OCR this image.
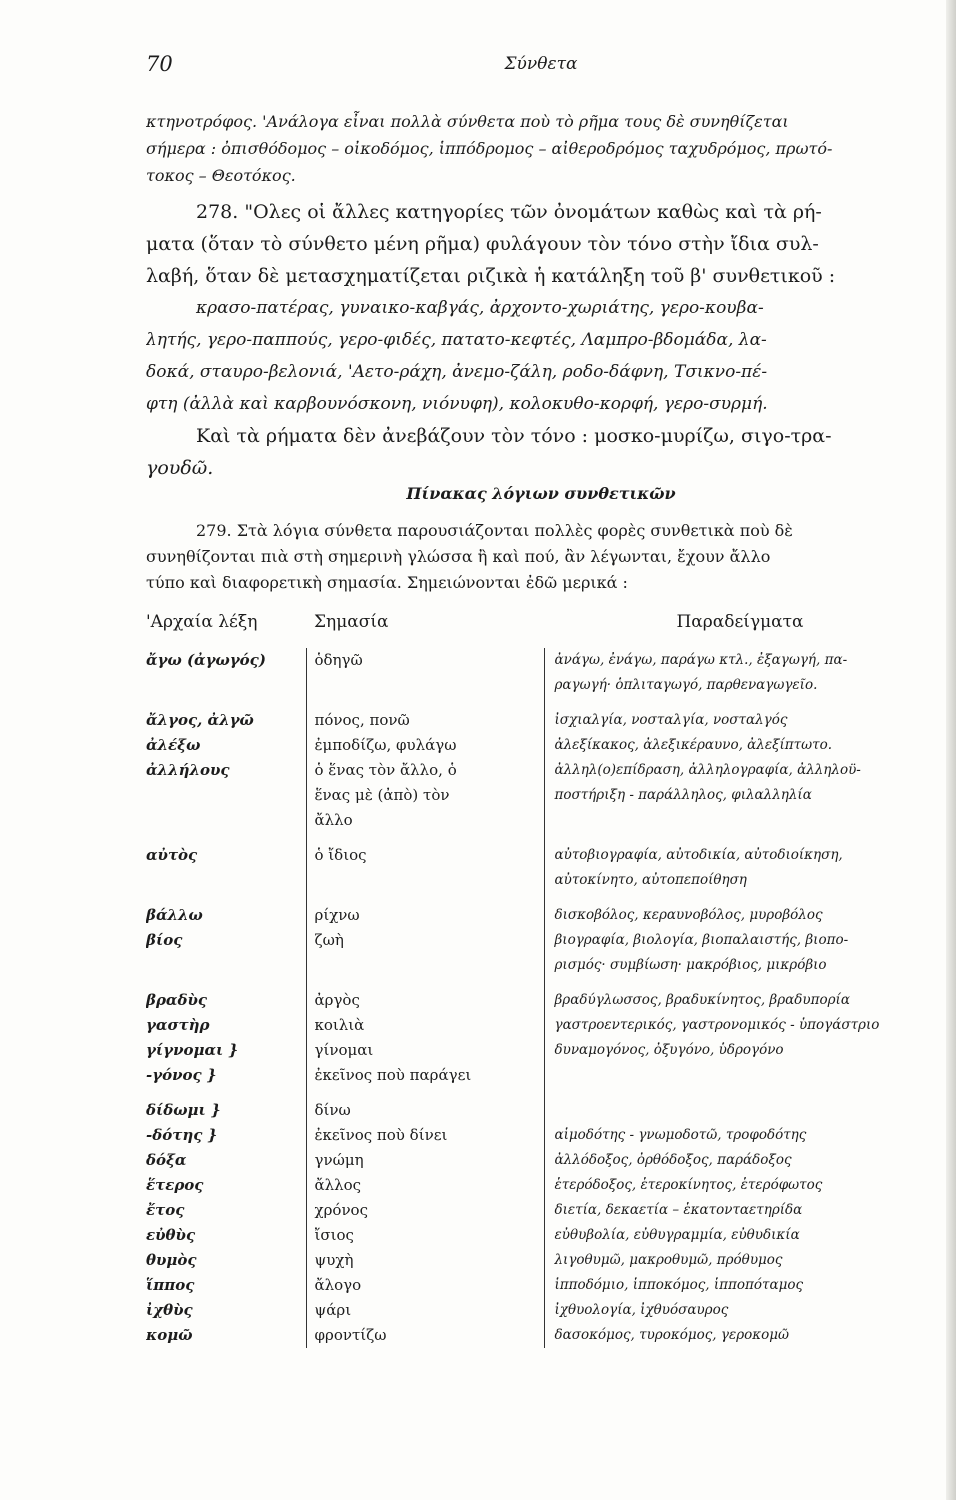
70	Σύνθετα
κτηνοτρόφος. 'Ανάλογα εἶναι πολλὰ σύνθετα ποὺ τὸ ρῆμα τους δὲ συνηθίζεται
σήμερα : ὀπισθόδομος – οἰκοδόμος, ἱππόδρομος – αἰθεροδρόμος ταχυδρόμος, πρωτό-
τοκος – Θεοτόκος.
278. "Ολες οἱ ἄλλες κατηγορίες τῶν ὀνομάτων καθὼς καὶ τὰ ρή-
ματα (ὅταν τὸ σύνθετο μένη ρῆμα) φυλάγουν τὸν τόνο στὴν ἴδια συλ-
λαβή, ὅταν δὲ μετασχηματίζεται ριζικὰ ἡ κατάληξη τοῦ β' συνθετικοῦ :
κρασο-πατέρας, γυναικο-καβγάς, ἀρχοντο-χωριάτης, γερο-κουβα-
λητής, γερο-παππούς, γερο-φιδές, πατατο-κεφτές, Λαμπρο-βδομάδα, λα-
δοκά, σταυρο-βελονιά, 'Αετο-ράχη, ἀνεμο-ζάλη, ροδο-δάφνη, Τσικνο-πέ-
φτη (ἀλλὰ καὶ καρβουνόσκονη, νιόνυφη), κολοκυθο-κορφή, γερο-συρμή.
Καὶ τὰ ρήματα δὲν ἀνεβάζουν τὸν τόνο : μοσκο-μυρίζω, σιγο-τρα-
γουδῶ.
Πίνακας λόγιων συνθετικῶν
279. Στὰ λόγια σύνθετα παρουσιάζονται πολλὲς φορὲς συνθετικὰ ποὺ δὲ
συνηθίζονται πιὰ στὴ σημερινὴ γλώσσα ἢ καὶ πού, ἂν λέγωνται, ἔχουν ἄλλο
τύπο καὶ διαφορετικὴ σημασία. Σημειώνονται ἐδῶ μερικά :
'Αρχαία λέξη	Σημασία	Παραδείγματα
ἄγω (ἀγωγός)	ὁδηγῶ	ἀνάγω, ἐνάγω, παράγω κτλ., ἐξαγωγή, πα-
		ραγωγή· ὁπλιταγωγό, παρθεναγωγεῖο.

ἄλγος, ἀλγῶ	πόνος, πονῶ	ἰσχιαλγία, νοσταλγία, νοσταλγός
ἀλέξω	ἐμποδίζω, φυλάγω	ἀλεξίκακος, ἀλεξικέραυνο, ἀλεξίπτωτο.
ἀλλήλους	ὁ ἕνας τὸν ἄλλο, ὁ	ἀλληλ(ο)επίδραση, ἀλληλογραφία, ἀλληλοϋ-
	ἕνας μὲ (ἀπὸ) τὸν	ποστήριξη - παράλληλος, φιλαλληλία
	ἄλλο	

αὐτὸς	ὁ ἴδιος	αὐτοβιογραφία, αὐτοδικία, αὐτοδιοίκηση,
		αὐτοκίνητο, αὐτοπεποίθηση

βάλλω	ρίχνω	δισκοβόλος, κεραυνοβόλος, μυροβόλος
βίος	ζωὴ	βιογραφία, βιολογία, βιοπαλαιστής, βιοπο-
		ρισμός· συμβίωση· μακρόβιος, μικρόβιο

βραδὺς	ἀργὸς	βραδύγλωσσος, βραδυκίνητος, βραδυπορία
γαστὴρ	κοιλιὰ	γαστροεντερικός, γαστρονομικός - ὑπογάστριο
γίγνομαι }	γίνομαι	δυναμογόνος, ὀξυγόνο, ὑδρογόνο
-γόνος }	ἐκεῖνος ποὺ παράγει	

δίδωμι }	δίνω	
-δότης }	ἐκεῖνος ποὺ δίνει	αἱμοδότης - γνωμοδοτῶ, τροφοδότης
δόξα	γνώμη	ἀλλόδοξος, ὀρθόδοξος, παράδοξος
ἕτερος	ἄλλος	ἑτερόδοξος, ἑτεροκίνητος, ἑτερόφωτος
ἔτος	χρόνος	διετία, δεκαετία – ἑκατονταετηρίδα
εὐθὺς	ἴσιος	εὐθυβολία, εὐθυγραμμία, εὐθυδικία
θυμὸς	ψυχὴ	λιγοθυμῶ, μακροθυμῶ, πρόθυμος
ἵππος	ἄλογο	ἱπποδόμιο, ἱπποκόμος, ἱπποπόταμος
ἰχθὺς	ψάρι	ἰχθυολογία, ἰχθυόσαυρος
κομῶ	φροντίζω	δασοκόμος, τυροκόμος, γεροκομῶ
